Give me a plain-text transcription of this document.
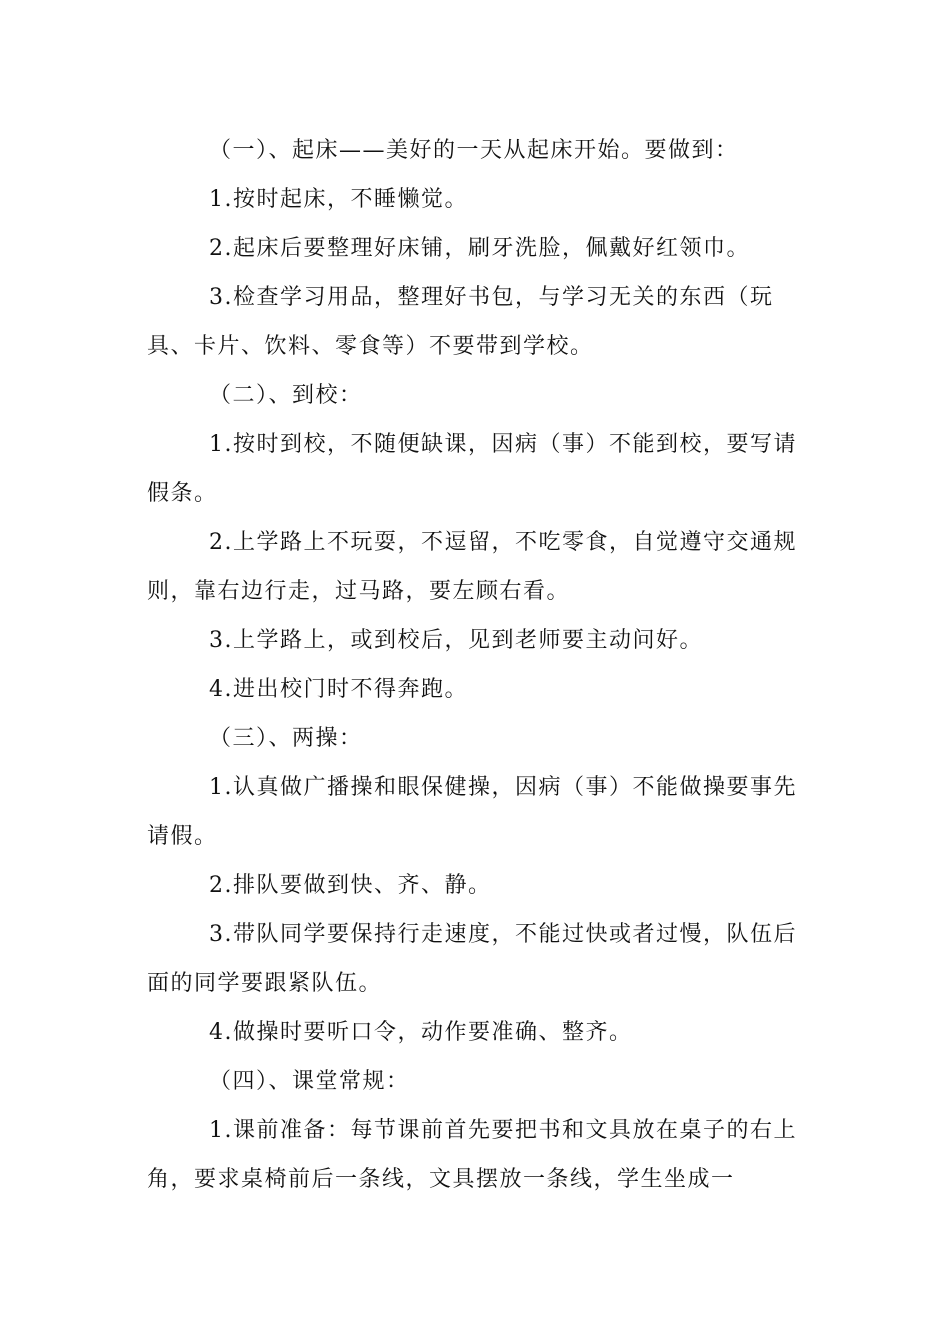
（一）、起床——美好的一天从起床开始。要做到：

1.按时起床，不睡懒觉。

2.起床后要整理好床铺，刷牙洗脸，佩戴好红领巾。

3.检查学习用品，整理好书包，与学习无关的东西（玩具、卡片、饮料、零食等）不要带到学校。

（二）、到校：

1.按时到校，不随便缺课，因病（事）不能到校，要写请假条。

2.上学路上不玩耍，不逗留，不吃零食，自觉遵守交通规则，靠右边行走，过马路，要左顾右看。

3.上学路上，或到校后，见到老师要主动问好。

4.进出校门时不得奔跑。

（三）、两操：

1.认真做广播操和眼保健操，因病（事）不能做操要事先请假。

2.排队要做到快、齐、静。

3.带队同学要保持行走速度，不能过快或者过慢，队伍后面的同学要跟紧队伍。

4.做操时要听口令，动作要准确、整齐。

（四）、课堂常规：

1.课前准备：每节课前首先要把书和文具放在桌子的右上角，要求桌椅前后一条线，文具摆放一条线，学生坐成一
